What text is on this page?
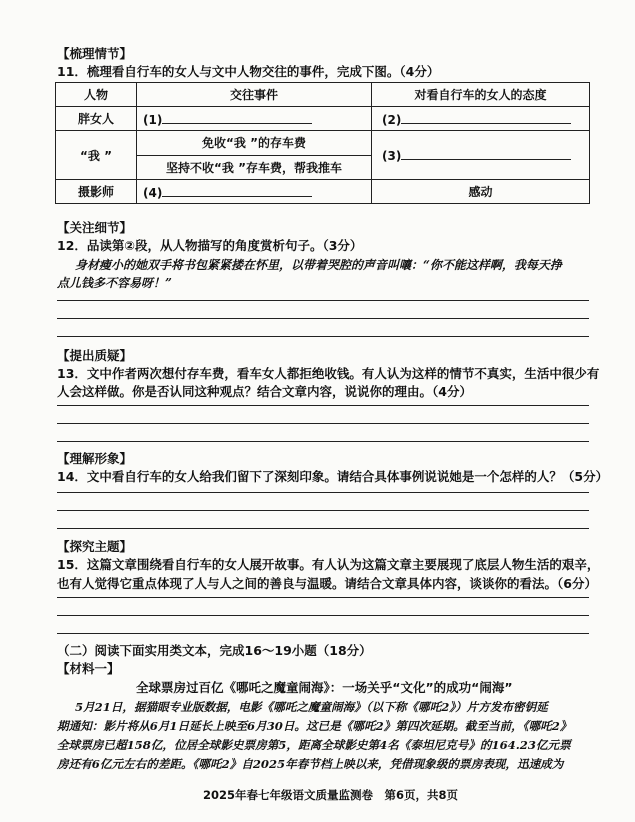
【梳理情节】
11．梳理看自行车的女人与文中人物交往的事件，完成下图。（4分）
人物	交往事件	对看自行车的女人的态度
胖女人	(1)	(2)
“我 ”	免收“我 ”的存车费	(3)
	坚持不收“我 ”存车费，帮我推车	
摄影师	(4)	感动
【关注细节】
12．品读第②段，从人物描写的角度赏析句子。（3分）
身材瘦小的她双手将书包紧紧搂在怀里，以带着哭腔的声音叫嚷：“你不能这样啊，我每天挣
点儿钱多不容易呀！”
【提出质疑】
13．文中作者两次想付存车费，看车女人都拒绝收钱。有人认为这样的情节不真实，生活中很少有
人会这样做。你是否认同这种观点？结合文章内容，说说你的理由。（4分）
【理解形象】
14．文中看自行车的女人给我们留下了深刻印象。请结合具体事例说说她是一个怎样的人？（5分）
【探究主题】
15．这篇文章围绕看自行车的女人展开故事。有人认为这篇文章主要展现了底层人物生活的艰辛，
也有人觉得它重点体现了人与人之间的善良与温暖。请结合文章具体内容，谈谈你的看法。（6分）
（二）阅读下面实用类文本，完成16～19小题（18分）
【材料一】
全球票房过百亿《哪吒之魔童闹海》：一场关乎“文化”的成功“闹海”
5月21日，据猫眼专业版数据，电影《哪吒之魔童闹海》（以下称《哪吒2》）片方发布密钥延
期通知：影片将从6月1日延长上映至6月30日。这已是《哪吒2》第四次延期。截至当前，《哪吒2》
全球票房已超158亿，位居全球影史票房第5，距离全球影史第4名《泰坦尼克号》的164.23亿元票
房还有6亿元左右的差距。《哪吒2》自2025年春节档上映以来，凭借现象级的票房表现，迅速成为
2025年春七年级语文质量监测卷　第6页，共8页
